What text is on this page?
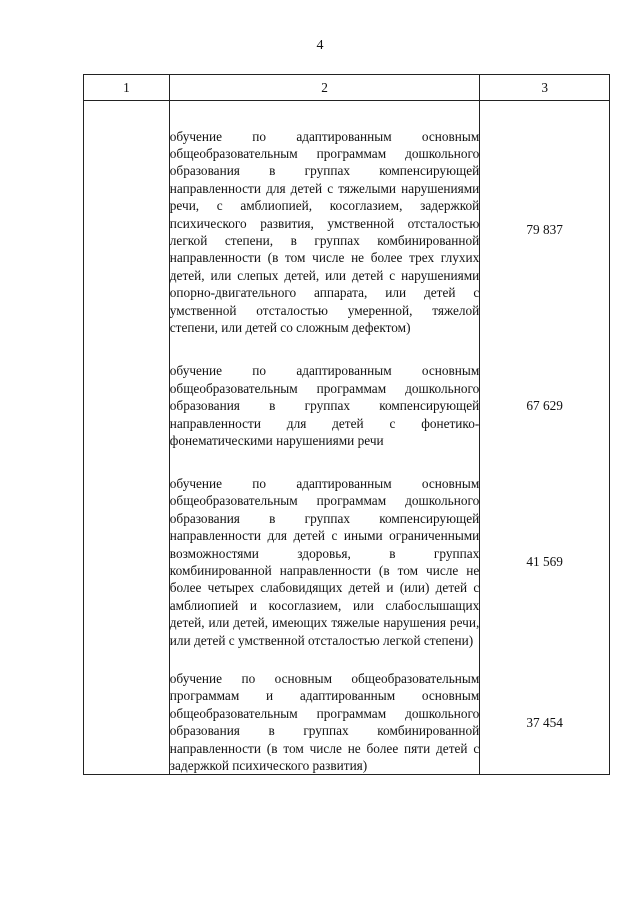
4
1	2	3
	обучение по адаптированным основным общеобразовательным программам дошкольного образования в группах компенсирующей направленности для детей с тяжелыми нарушениями речи, с амблиопией, косоглазием, задержкой психического развития, умственной отсталостью легкой степени, в группах комбинированной направленности (в том числе не более трех глухих детей, или слепых детей, или детей с нарушениями опорно-двигательного аппарата, или детей с умственной отсталостью умеренной, тяжелой степени, или детей со сложным дефектом)	79 837
	обучение по адаптированным основным общеобразовательным программам дошкольного образования в группах компенсирующей направленности для детей с фонетико-фонематическими нарушениями речи	67 629
	обучение по адаптированным основным общеобразовательным программам дошкольного образования в группах компенсирующей направленности для детей с иными ограниченными возможностями здоровья, в группах комбинированной направленности (в том числе не более четырех слабовидящих детей и (или) детей с амблиопией и косоглазием, или слабослышащих детей, или детей, имеющих тяжелые нарушения речи, или детей с умственной отсталостью легкой степени)	41 569
	обучение по основным общеобразовательным программам и адаптированным основным общеобразовательным программам дошкольного образования в группах комбинированной направленности (в том числе не более пяти детей с задержкой психического развития)	37 454
